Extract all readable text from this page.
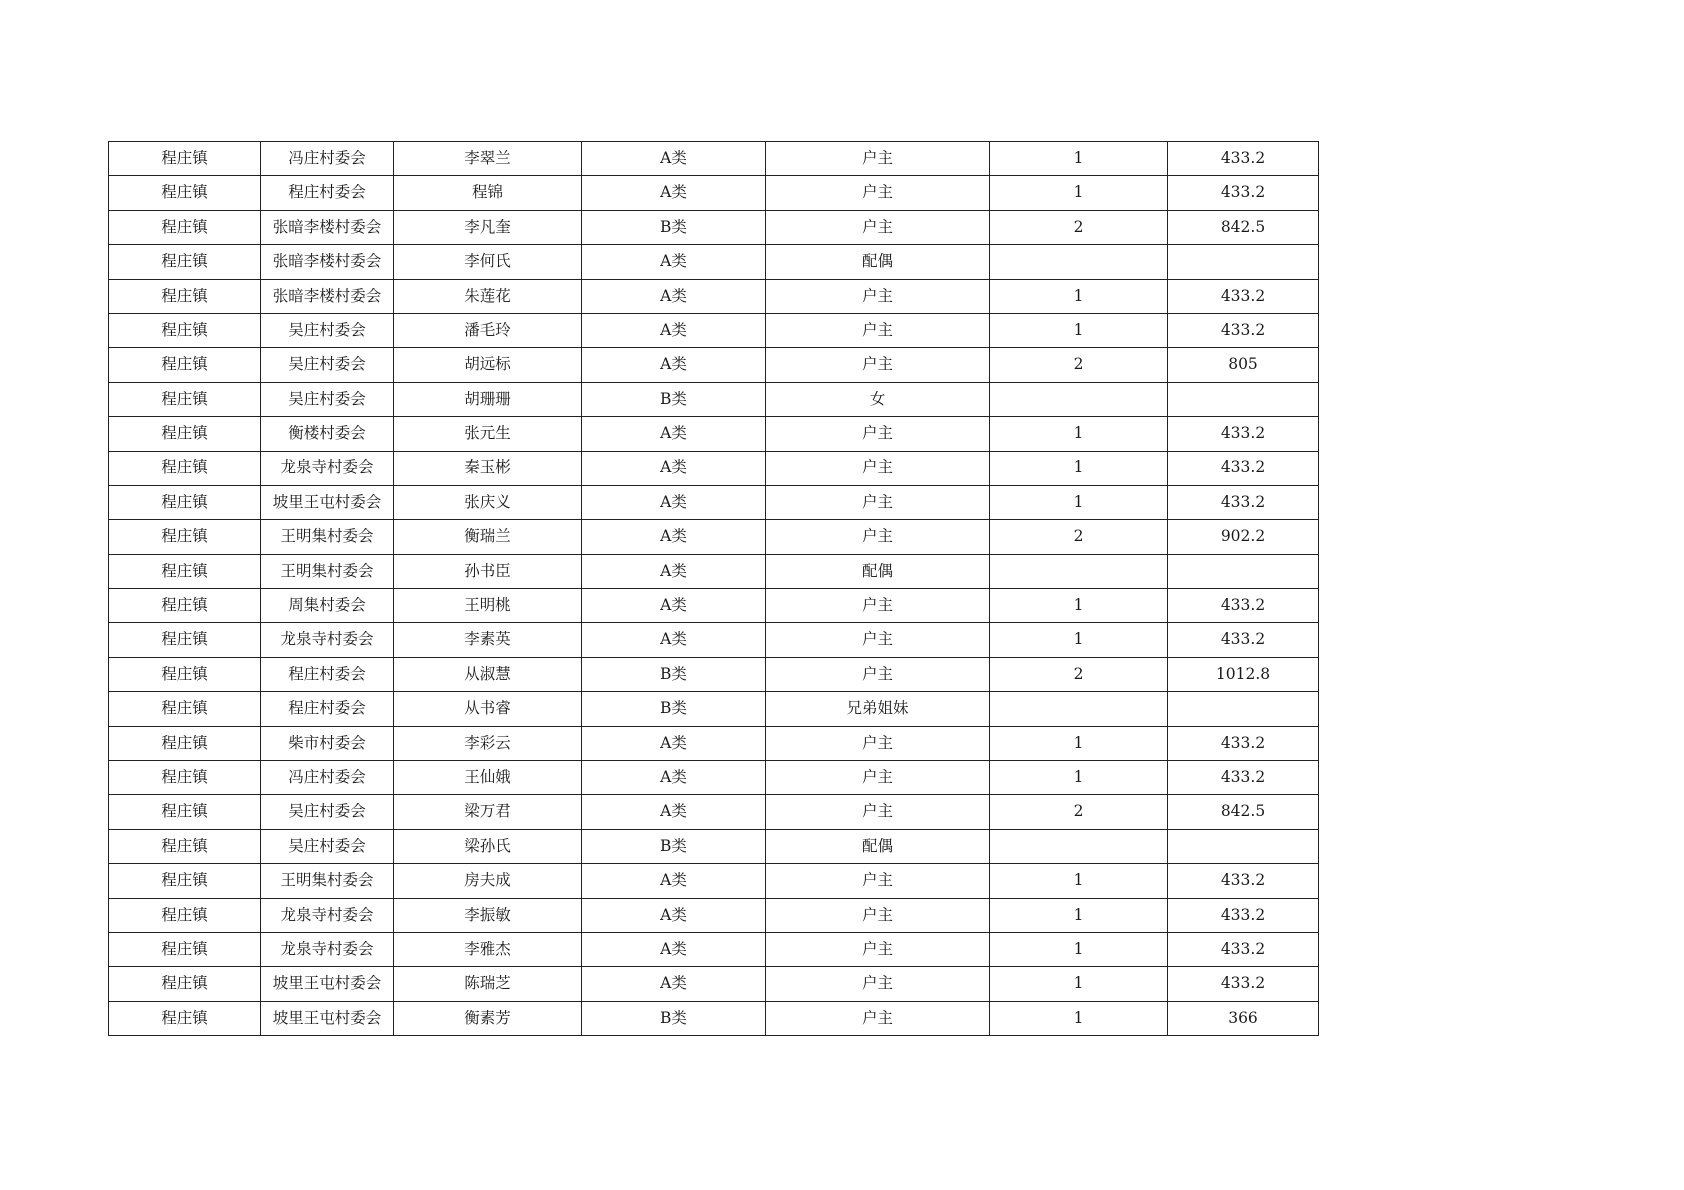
程庄镇	冯庄村委会	李翠兰	A类	户主	1	433.2
程庄镇	程庄村委会	程锦	A类	户主	1	433.2
程庄镇	张暗李楼村委会	李凡奎	B类	户主	2	842.5
程庄镇	张暗李楼村委会	李何氏	A类	配偶		
程庄镇	张暗李楼村委会	朱莲花	A类	户主	1	433.2
程庄镇	吴庄村委会	潘毛玲	A类	户主	1	433.2
程庄镇	吴庄村委会	胡远标	A类	户主	2	805
程庄镇	吴庄村委会	胡珊珊	B类	女		
程庄镇	衡楼村委会	张元生	A类	户主	1	433.2
程庄镇	龙泉寺村委会	秦玉彬	A类	户主	1	433.2
程庄镇	坡里王屯村委会	张庆义	A类	户主	1	433.2
程庄镇	王明集村委会	衡瑞兰	A类	户主	2	902.2
程庄镇	王明集村委会	孙书臣	A类	配偶		
程庄镇	周集村委会	王明桃	A类	户主	1	433.2
程庄镇	龙泉寺村委会	李素英	A类	户主	1	433.2
程庄镇	程庄村委会	从淑慧	B类	户主	2	1012.8
程庄镇	程庄村委会	从书睿	B类	兄弟姐妹		
程庄镇	柴市村委会	李彩云	A类	户主	1	433.2
程庄镇	冯庄村委会	王仙娥	A类	户主	1	433.2
程庄镇	吴庄村委会	梁万君	A类	户主	2	842.5
程庄镇	吴庄村委会	梁孙氏	B类	配偶		
程庄镇	王明集村委会	房夫成	A类	户主	1	433.2
程庄镇	龙泉寺村委会	李振敏	A类	户主	1	433.2
程庄镇	龙泉寺村委会	李雅杰	A类	户主	1	433.2
程庄镇	坡里王屯村委会	陈瑞芝	A类	户主	1	433.2
程庄镇	坡里王屯村委会	衡素芳	B类	户主	1	366
